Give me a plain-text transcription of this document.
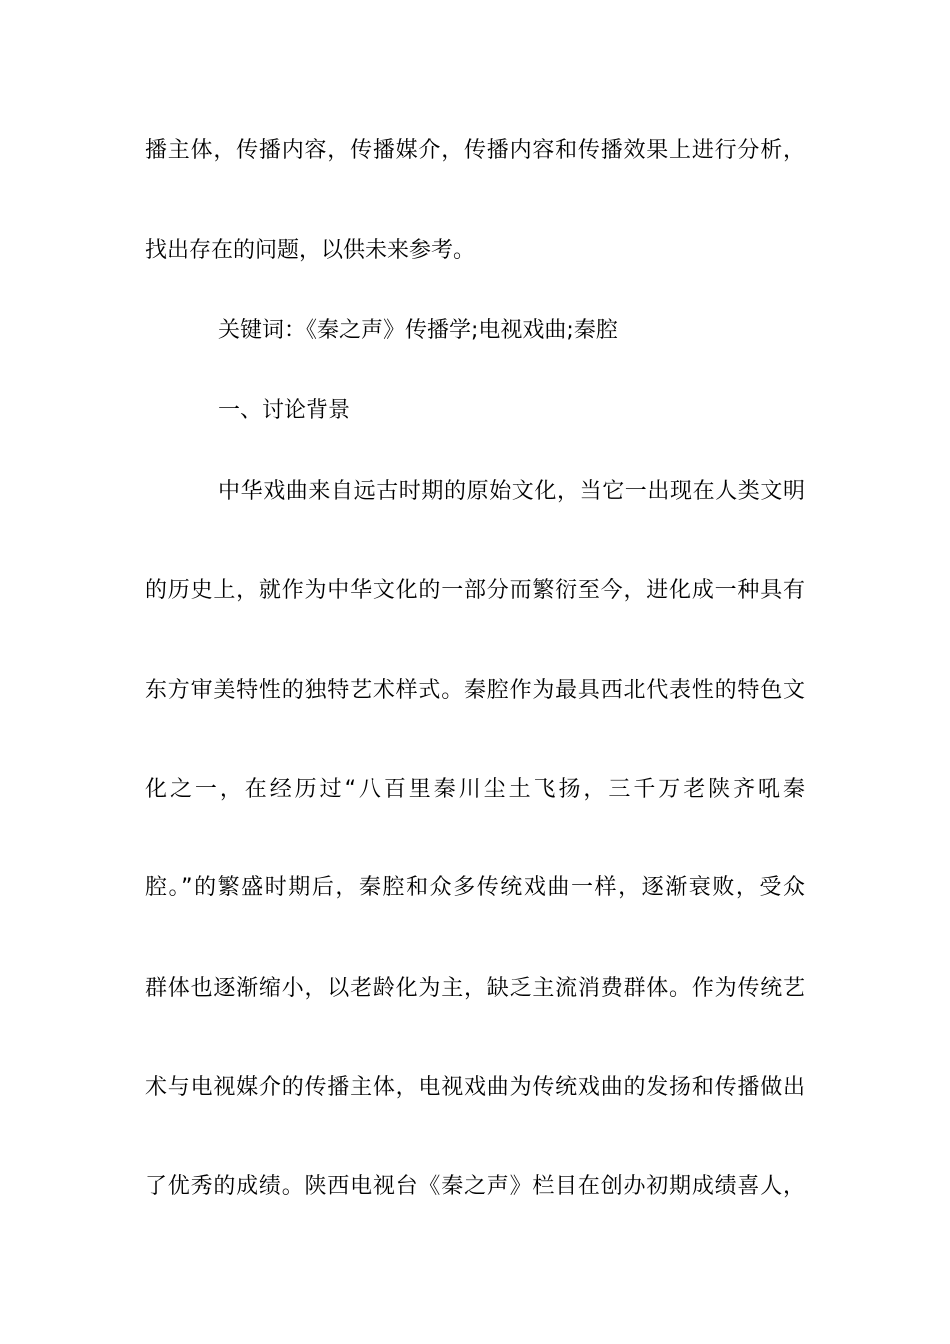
播主体，传播内容，传播媒介，传播内容和传播效果上进行分析，
找出存在的问题，以供未来参考。
关键词：《秦之声》传播学;电视戏曲;秦腔
一、讨论背景
中华戏曲来自远古时期的原始文化，当它一出现在人类文明
的历史上，就作为中华文化的一部分而繁衍至今，进化成一种具有
东方审美特性的独特艺术样式。秦腔作为最具西北代表性的特色文
化之一，在经历过“八百里秦川尘土飞扬，三千万老陕齐吼秦
腔。”的繁盛时期后，秦腔和众多传统戏曲一样，逐渐衰败，受众
群体也逐渐缩小，以老龄化为主，缺乏主流消费群体。作为传统艺
术与电视媒介的传播主体，电视戏曲为传统戏曲的发扬和传播做出
了优秀的成绩。陕西电视台《秦之声》栏目在创办初期成绩喜人，
